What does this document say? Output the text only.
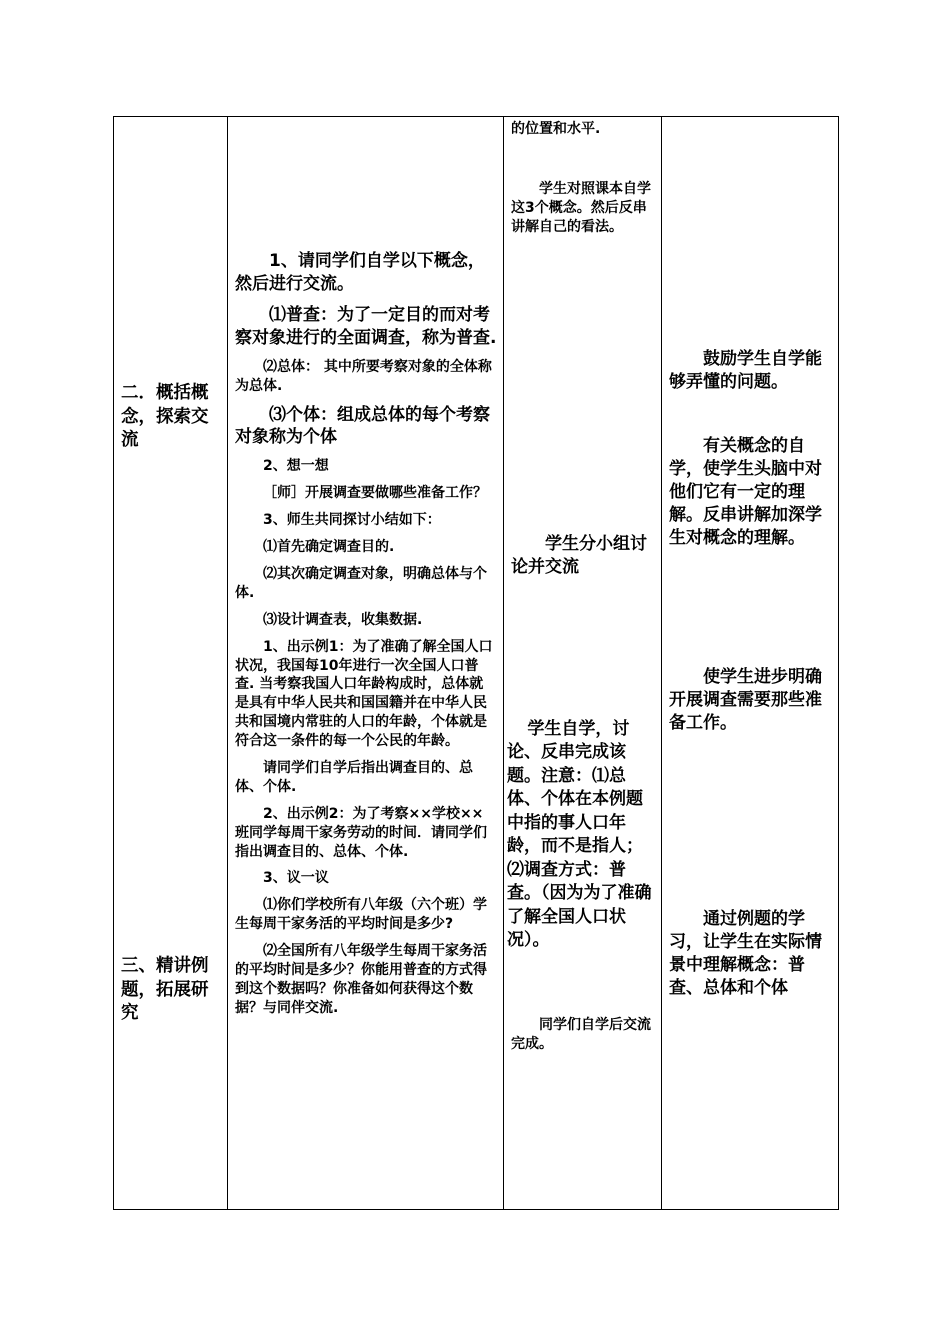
二．概括概念，探索交流
三、精讲例题，拓展研究

1、请同学们自学以下概念，然后进行交流。

⑴普查：为了一定目的而对考察对象进行的全面调查，称为普查.

⑵总体： 其中所要考察对象的全体称为总体.

⑶个体：组成总体的每个考察对象称为个体

2、想一想

［师］开展调查要做哪些准备工作？

3、师生共同探讨小结如下：

⑴首先确定调查目的.

⑵其次确定调查对象，明确总体与个体.

⑶设计调查表，收集数据.

1、出示例1：为了准确了解全国人口状况，我国每10年进行一次全国人口普查. 当考察我国人口年龄构成时，总体就是具有中华人民共和国国籍并在中华人民共和国境内常驻的人口的年龄，个体就是符合这一条件的每一个公民的年龄。

请同学们自学后指出调查目的、总体、个体.

2、出示例2：为了考察××学校××班同学每周干家务劳动的时间．请同学们指出调查目的、总体、个体.

3、议一议

⑴你们学校所有八年级（六个班）学生每周干家务活的平均时间是多少?

⑵全国所有八年级学生每周干家务活的平均时间是多少？你能用普查的方式得到这个数据吗？你准备如何获得这个数据？与同伴交流.

的位置和水平.
学生对照课本自学这3个概念。然后反串讲解自己的看法。
学生分小组讨论并交流
学生自学，讨论、反串完成该题。注意：⑴总体、个体在本例题中指的事人口年龄，而不是指人；⑵调查方式：普查。（因为为了准确了解全国人口状况）。
同学们自学后交流完成。
鼓励学生自学能够弄懂的问题。
有关概念的自学，使学生头脑中对他们它有一定的理解。反串讲解加深学生对概念的理解。
使学生进步明确开展调查需要那些准备工作。
通过例题的学习，让学生在实际情景中理解概念：普查、总体和个体
